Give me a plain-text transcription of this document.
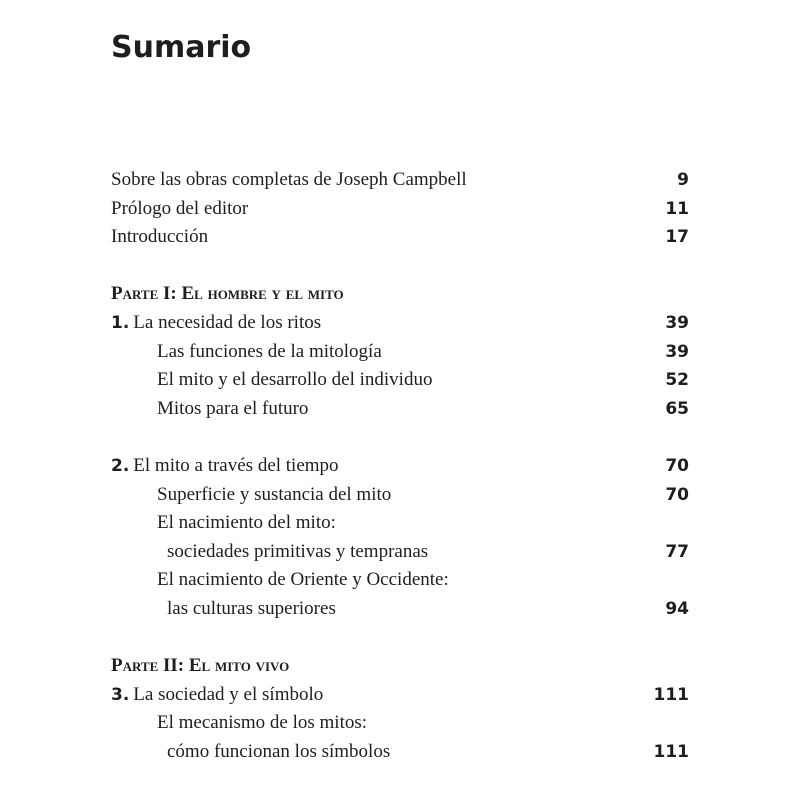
Sumario
Sobre las obras completas de Joseph Campbell	9
Prólogo del editor	11
Introducción	17
Parte I: El hombre y el mito
1. La necesidad de los ritos	39
Las funciones de la mitología	39
El mito y el desarrollo del individuo	52
Mitos para el futuro	65
2. El mito a través del tiempo	70
Superficie y sustancia del mito	70
El nacimiento del mito:
sociedades primitivas y tempranas	77
El nacimiento de Oriente y Occidente:
las culturas superiores	94
Parte II: El mito vivo
3. La sociedad y el símbolo	111
El mecanismo de los mitos:
cómo funcionan los símbolos	111
